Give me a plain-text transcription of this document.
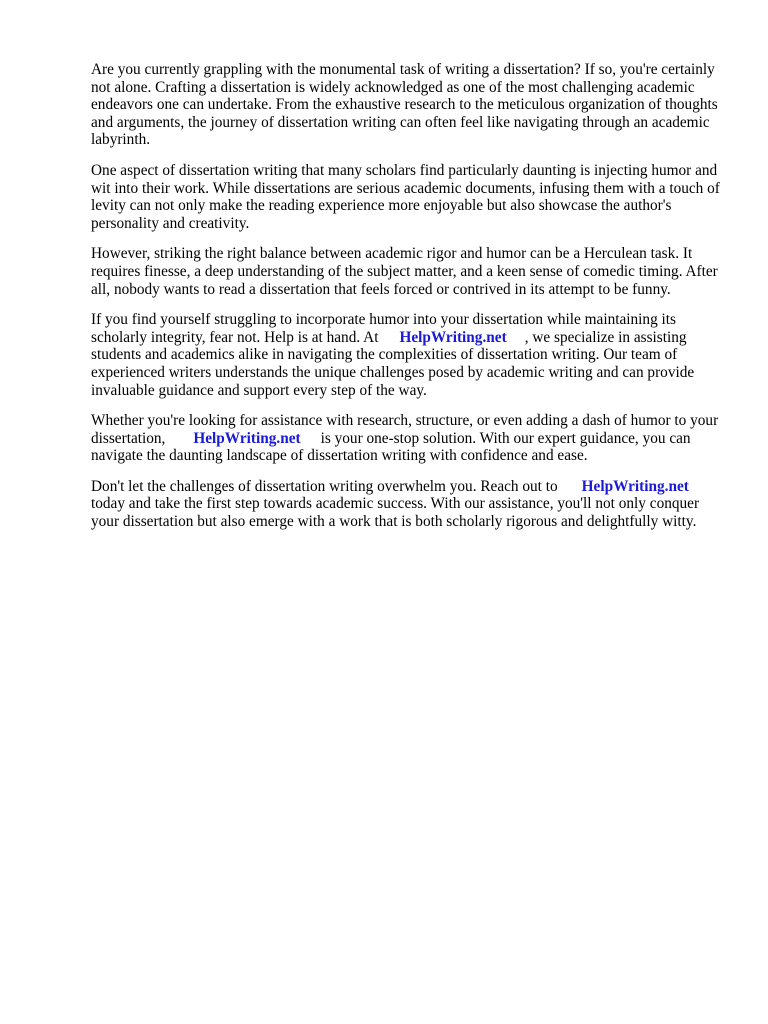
Are you currently grappling with the monumental task of writing a dissertation? If so, you're certainly not alone. Crafting a dissertation is widely acknowledged as one of the most challenging academic endeavors one can undertake. From the exhaustive research to the meticulous organization of thoughts and arguments, the journey of dissertation writing can often feel like navigating through an academic labyrinth.

One aspect of dissertation writing that many scholars find particularly daunting is injecting humor and wit into their work. While dissertations are serious academic documents, infusing them with a touch of levity can not only make the reading experience more enjoyable but also showcase the author's personality and creativity.

However, striking the right balance between academic rigor and humor can be a Herculean task. It requires finesse, a deep understanding of the subject matter, and a keen sense of comedic timing. After all, nobody wants to read a dissertation that feels forced or contrived in its attempt to be funny.

If you find yourself struggling to incorporate humor into your dissertation while maintaining its scholarly integrity, fear not. Help is at hand. At HelpWriting.net , we specialize in assisting students and academics alike in navigating the complexities of dissertation writing. Our team of experienced writers understands the unique challenges posed by academic writing and can provide invaluable guidance and support every step of the way.

Whether you're looking for assistance with research, structure, or even adding a dash of humor to your dissertation, HelpWriting.net is your one-stop solution. With our expert guidance, you can navigate the daunting landscape of dissertation writing with confidence and ease.

Don't let the challenges of dissertation writing overwhelm you. Reach out to HelpWriting.nettoday and take the first step towards academic success. With our assistance, you'll not only conquer your dissertation but also emerge with a work that is both scholarly rigorous and delightfully witty.
